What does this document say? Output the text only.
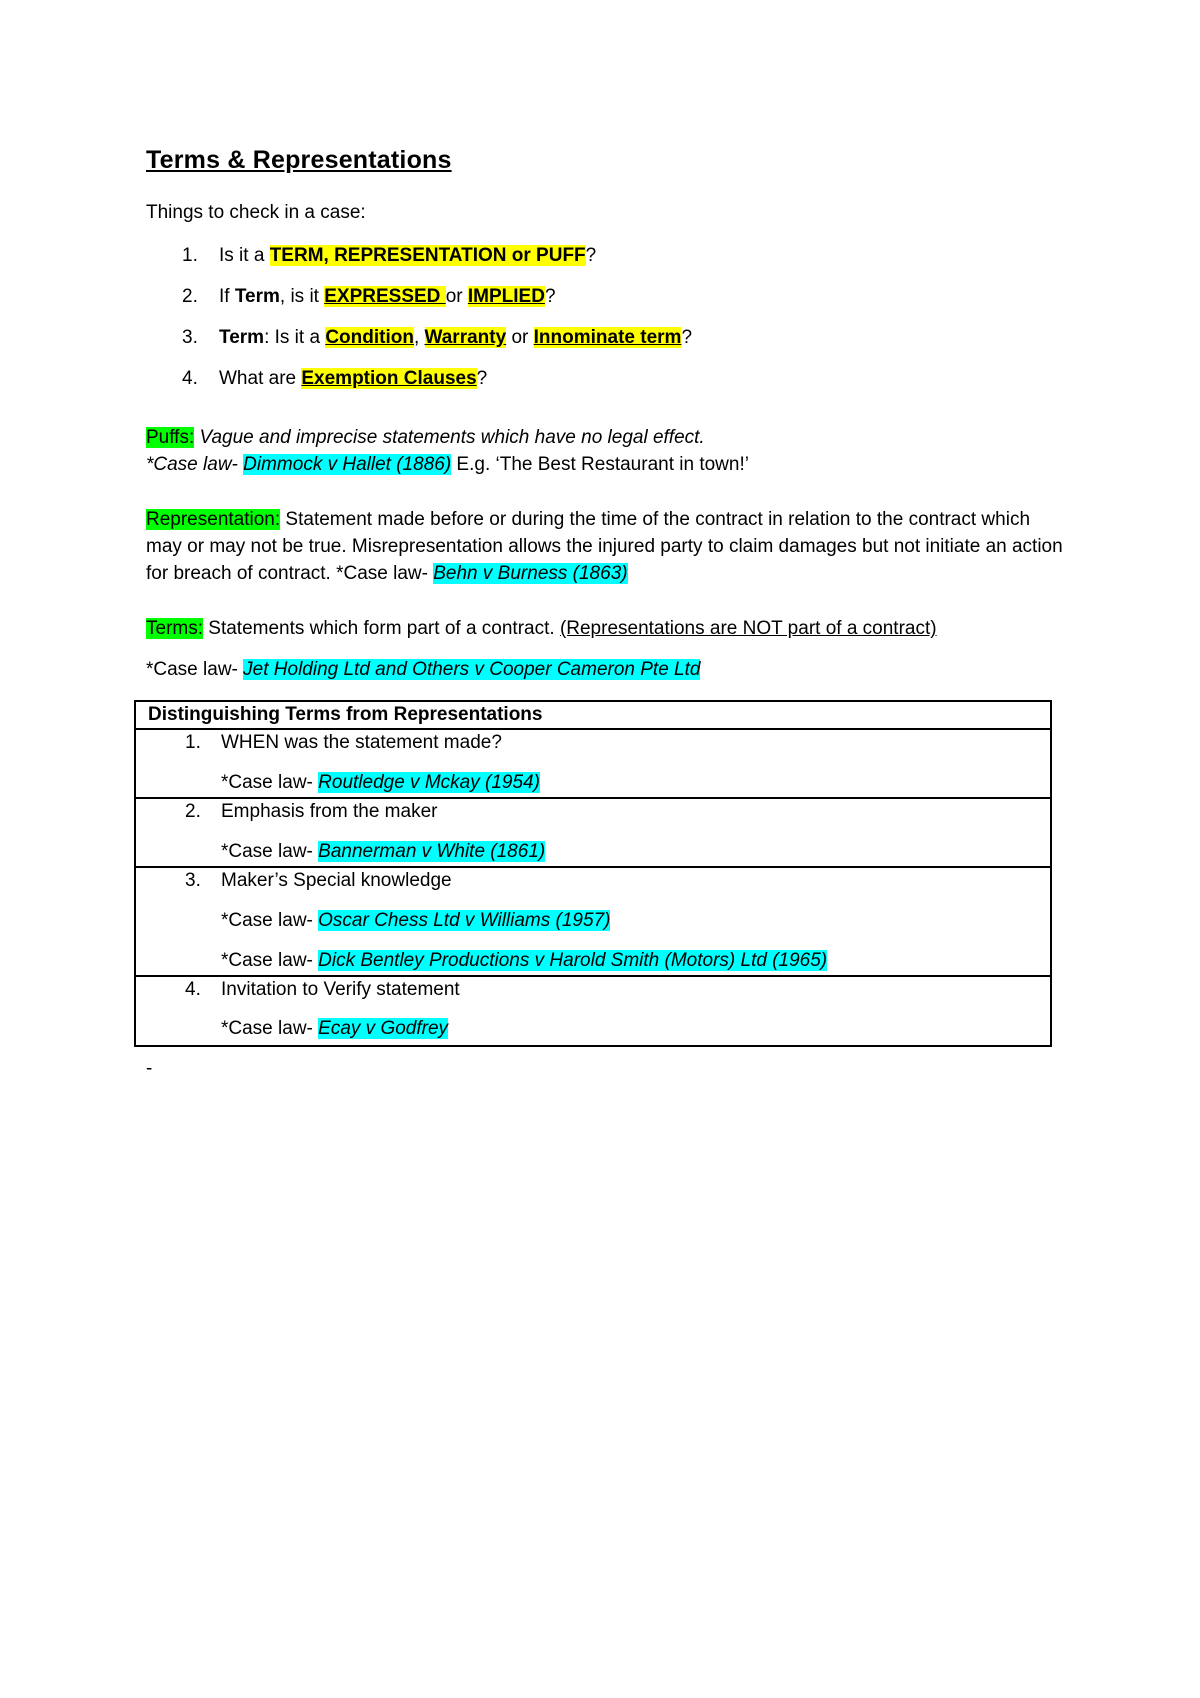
Terms & Representations
Things to check in a case:
1. Is it a TERM, REPRESENTATION or PUFF?
2. If Term, is it EXPRESSED or IMPLIED?
3. Term: Is it a Condition, Warranty or Innominate term?
4. What are Exemption Clauses?
Puffs: Vague and imprecise statements which have no legal effect.
*Case law- Dimmock v Hallet (1886) E.g. ‘The Best Restaurant in town!’
Representation: Statement made before or during the time of the contract in relation to the contract which may or may not be true. Misrepresentation allows the injured party to claim damages but not initiate an action for breach of contract. *Case law- Behn v Burness (1863)
Terms: Statements which form part of a contract. (Representations are NOT part of a contract)
*Case law- Jet Holding Ltd and Others v Cooper Cameron Pte Ltd
Distinguishing Terms from Representations

1. WHEN was the statement made?
*Case law- Routledge v Mckay (1954)

2. Emphasis from the maker
*Case law- Bannerman v White (1861)

3. Maker’s Special knowledge
*Case law- Oscar Chess Ltd v Williams (1957)
*Case law- Dick Bentley Productions v Harold Smith (Motors) Ltd (1965)

4. Invitation to Verify statement
*Case law- Ecay v Godfrey
-
